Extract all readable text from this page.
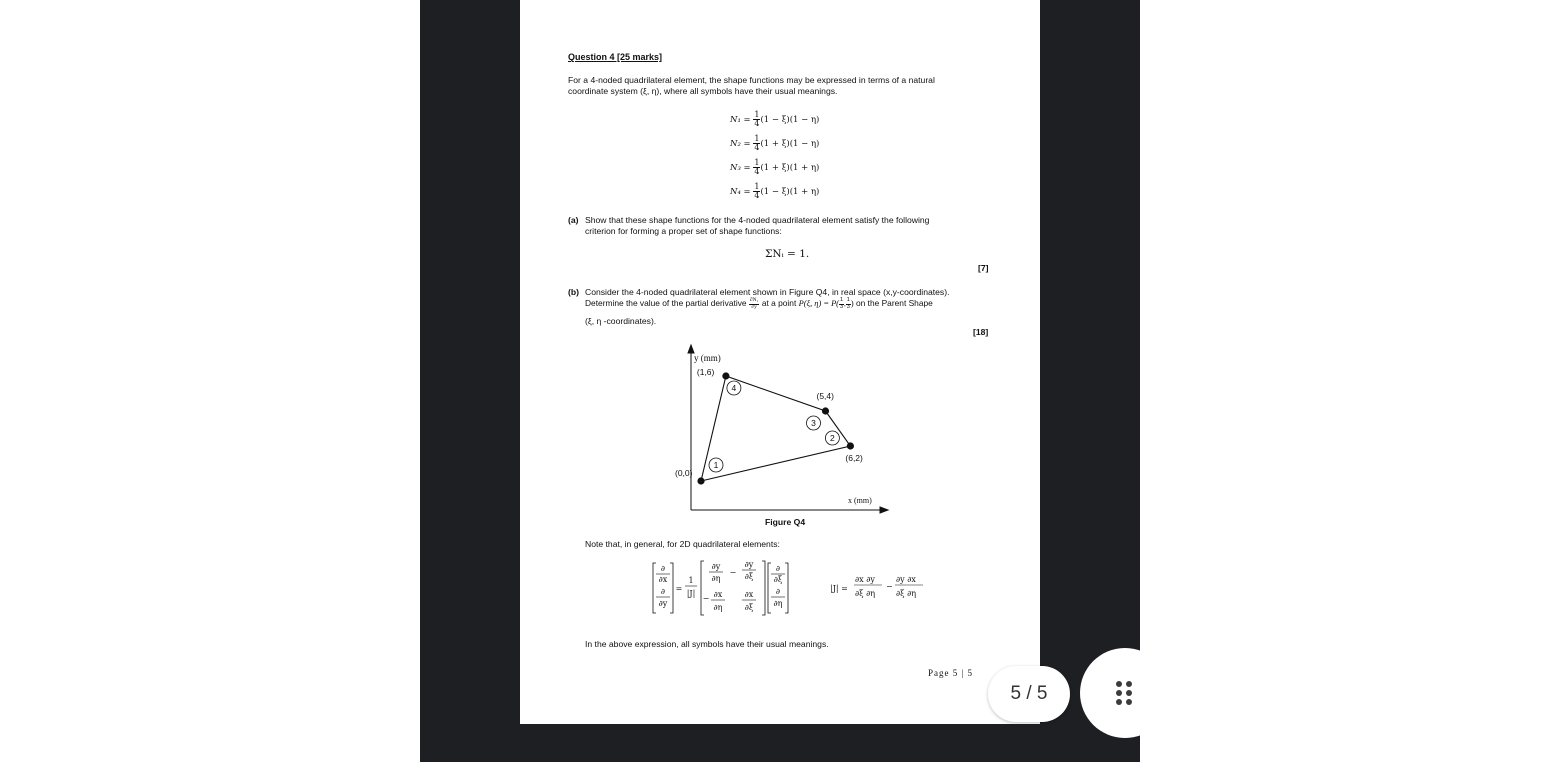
Question 4 [25 marks]
For a 4-noded quadrilateral element, the shape functions may be expressed in terms of a natural
coordinate system (ξ, η), where all symbols have their usual meanings.
$N_1 = \frac{1}{4} (1 - \xi)(1 - \eta)$
$N_2 = \frac{1}{4} (1 + \xi)(1 - \eta)$
$N_3 = \frac{1}{4} (1 + \xi)(1 + \eta)$
$N_4 = \frac{1}{4} (1 - \xi)(1 + \eta)$
(a) Show that these shape functions for the 4-noded quadrilateral element satisfy the following
criterion for forming a proper set of shape functions:
ΣNᵢ = 1.
[7]
(b) Consider the 4-noded quadrilateral element shown in Figure Q4, in real space (x,y-coordinates).
Determine the value of the partial derivative $\frac{\text{∂N₁}}{\partial y}$ at a point P(ξ, $\eta) = P( \frac{1}{3}$ , $\frac{1}{3}$ ) on the Parent Shape
(ξ, η -coordinates).
[18]
y (mm)
x (mm)
(0,0)
1
(6,2)
2
(5,4)
3
(1,6)
4
Figure Q4
Note that, in general, for 2D quadrilateral elements:
∂
∂x
∂
∂y
=
1
|J|
∂y
∂η
−
∂y
∂ξ
− ∂x
∂η
∂x
∂ξ
∂
∂ξ
∂
∂η
|J| =
∂x ∂y
∂ξ ∂η
−
∂y ∂x
∂ξ ∂η
In the above expression, all symbols have their usual meanings.
Page 5 | 5
5 / 5
